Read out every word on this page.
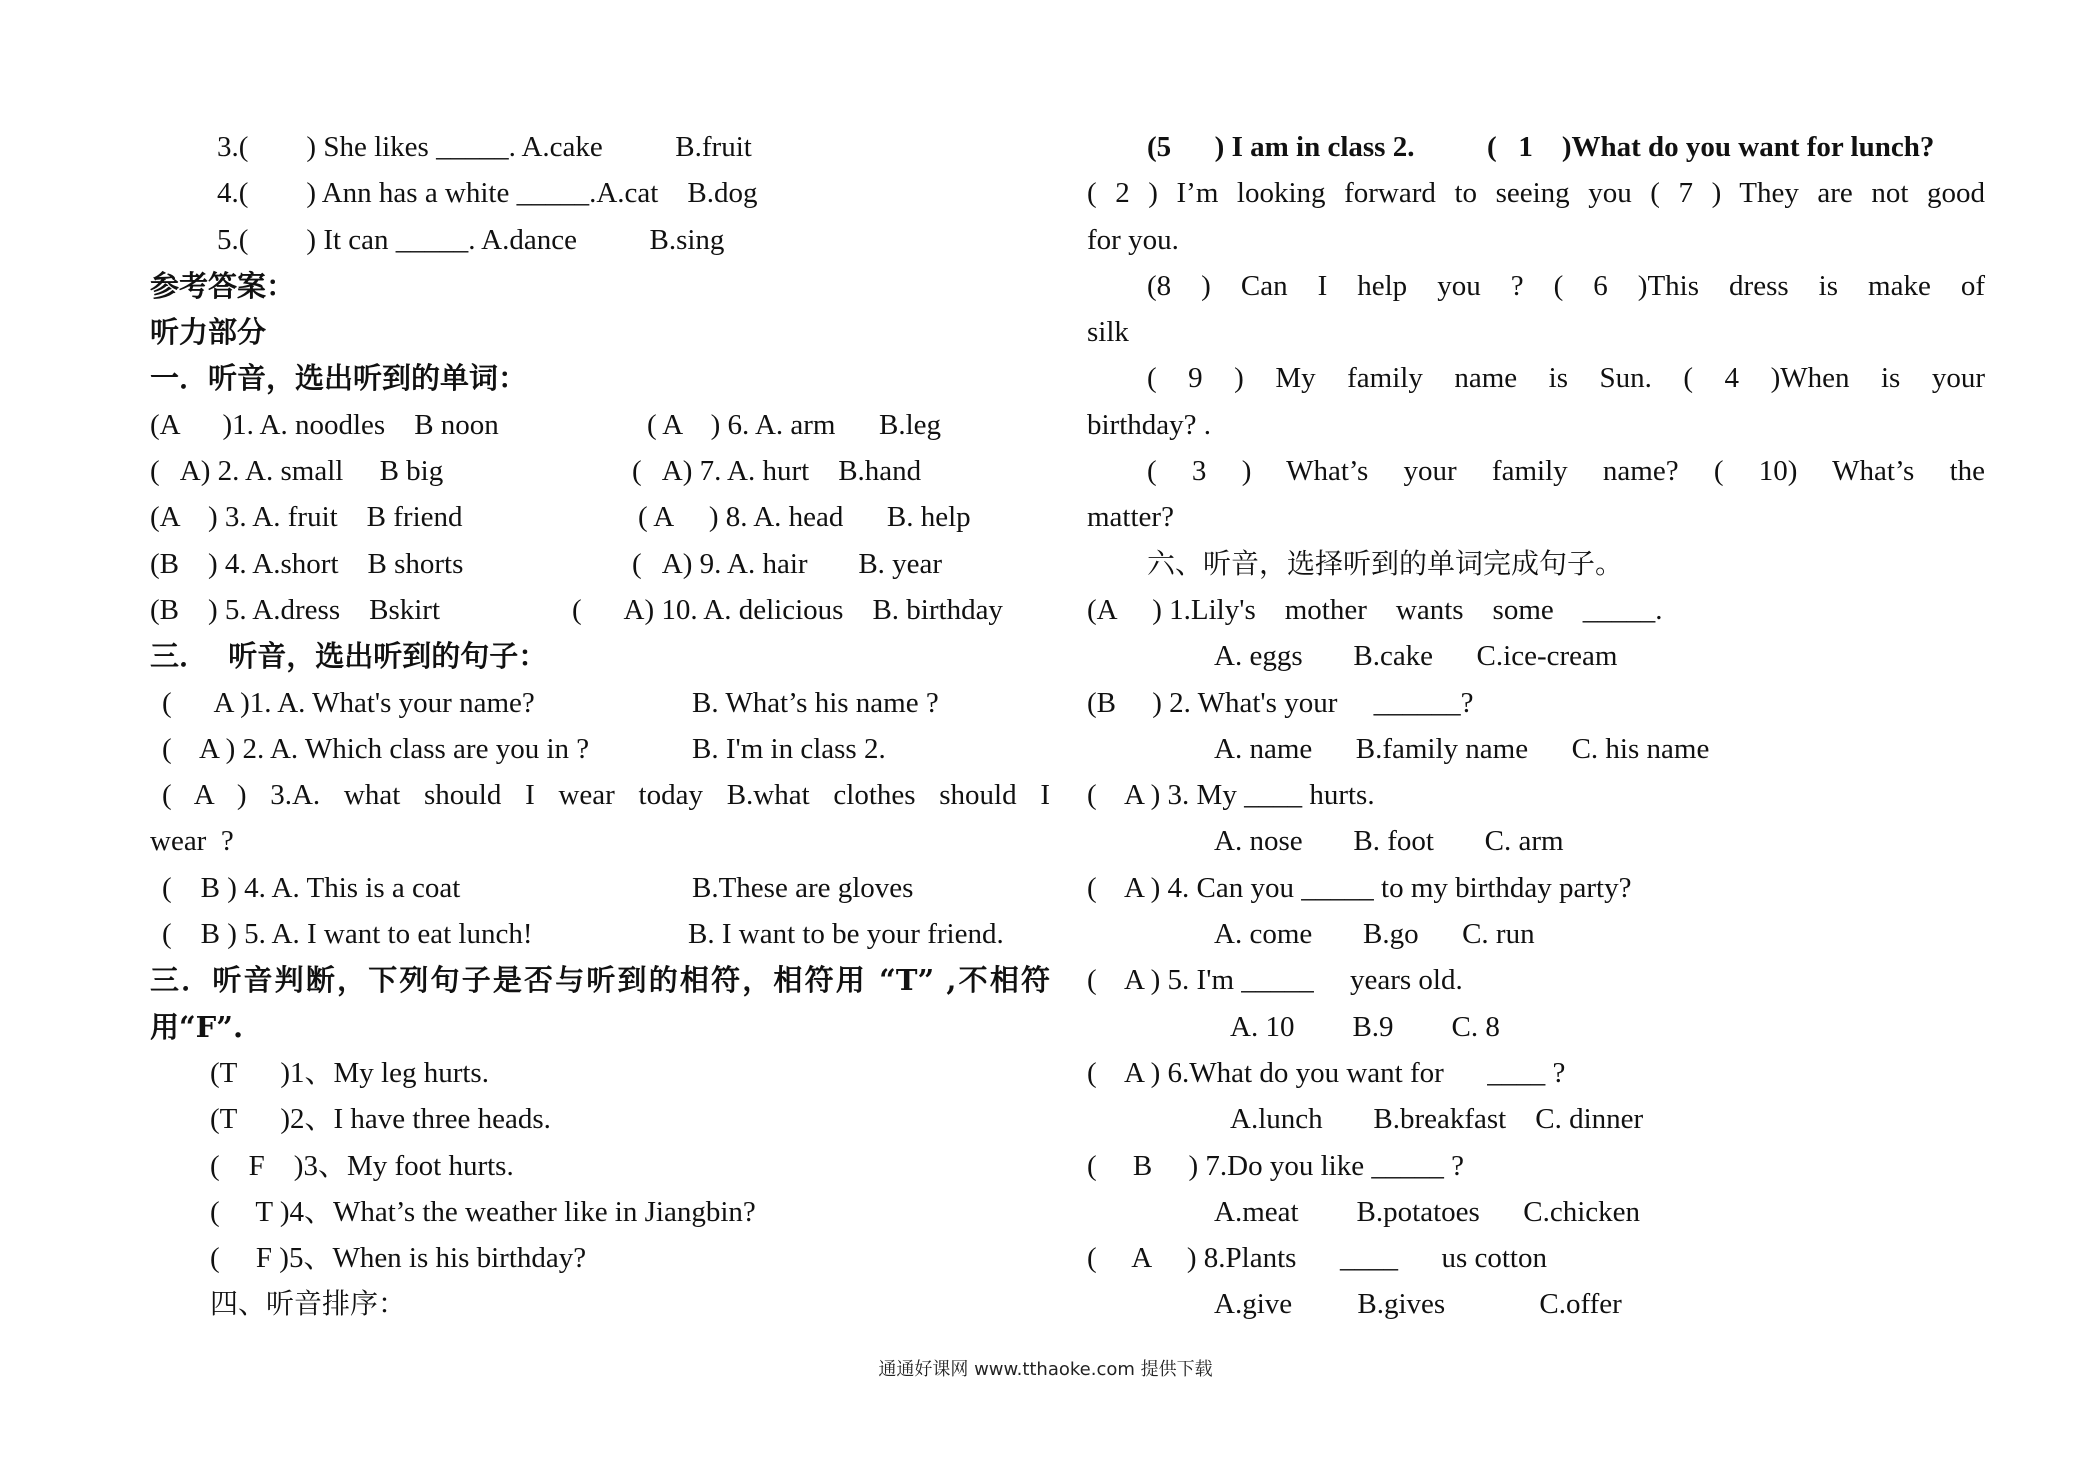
3.(        ) She likes _____. A.cake          B.fruit
4.(        ) Ann has a white _____.A.cat    B.dog
5.(        ) It can _____. A.dance          B.sing
参考答案：
听力部分
一．听音，选出听到的单词：
(A      )1. A. noodles    B noon	( A    ) 6. A. arm      B.leg
(   A) 2. A. small     B big	(   A) 7. A. hurt    B.hand
(A    ) 3. A. fruit    B friend	( A     ) 8. A. head      B. help
(B    ) 4. A.short    B shorts	(   A) 9. A. hair       B. year
(B    ) 5. A.dress    Bskirt	(      A) 10. A. delicious    B. birthday
三．  听音，选出听到的句子：
(      A )1. A. What's your name?	B. What’s his name ?
(    A ) 2. A. Which class are you in ?	B. I'm in class 2.
( A ) 3.A. what should I wear today B.what clothes should I
wear  ?
(    B ) 4. A. This is a coat	B.These are gloves
(    B ) 5. A. I want to eat lunch!	B. I want to be your friend.
三．听音判断，下列句子是否与听到的相符，相符用 “T” ,不相符
用“F”.
(T      )1、My leg hurts.
(T      )2、I have three heads.
(    F    )3、My foot hurts.
(     T )4、What’s the weather like in Jiangbin?
(     F )5、When is his birthday?
四、听音排序：
(5      ) I am in class 2.          (   1    )What do you want for lunch?
( 2 ) I’m looking forward to seeing you ( 7 ) They are not good
for you.
(8 ) Can I help you ? ( 6 )This dress is make of
silk
( 9 ) My family name is Sun. ( 4 )When is your
birthday? .
( 3 ) What’s your family name? ( 10) What’s the
matter?
六、听音，选择听到的单词完成句子。
(A     ) 1.Lily's    mother    wants    some    _____.
A. eggs       B.cake      C.ice-cream
(B     ) 2. What's your     ______?
A. name      B.family name      C. his name
(    A ) 3. My ____ hurts.
A. nose       B. foot       C. arm
(    A ) 4. Can you _____ to my birthday party?
A. come       B.go      C. run
(    A ) 5. I'm _____     years old.
A. 10        B.9        C. 8
(    A ) 6.What do you want for      ____ ?
A.lunch       B.breakfast    C. dinner
(     B     ) 7.Do you like _____ ?
A.meat        B.potatoes      C.chicken
(     A     ) 8.Plants      ____      us cotton
A.give         B.gives             C.offer
通通好课网 www.tthaoke.com 提供下载
